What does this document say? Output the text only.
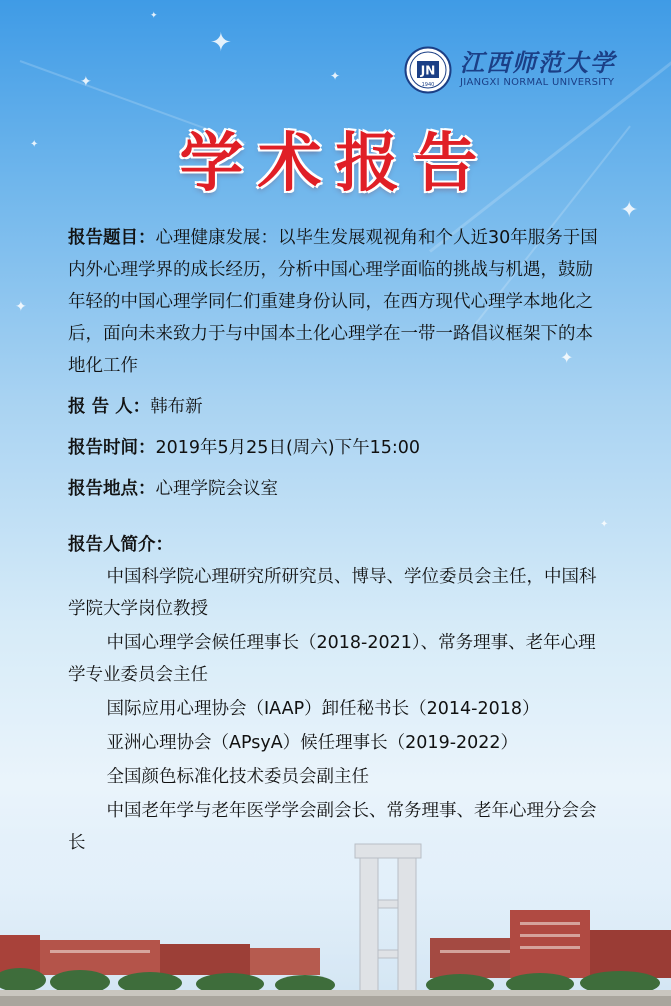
✦
✦	✦
✦
✦
✦
✦
✦
✦
JN
1940
江西师范大学
JIANGXI NORMAL UNIVERSITY
学术报告

报告题目：心理健康发展：以毕生发展观视角和个人近30年服务于国内外心理学界的成长经历，分析中国心理学面临的挑战与机遇，鼓励年轻的中国心理学同仁们重建身份认同，在西方现代心理学本地化之后，面向未来致力于与中国本土化心理学在一带一路倡议框架下的本地化工作

报 告 人：韩布新
报告时间：2019年5月25日(周六)下午15:00
报告地点：心理学院会议室
报告人简介：

中国科学院心理研究所研究员、博导、学位委员会主任，中国科学院大学岗位教授

中国心理学会候任理事长（2018-2021）、常务理事、老年心理学专业委员会主任

国际应用心理协会（IAAP）卸任秘书长（2014-2018）

亚洲心理协会（APsyA）候任理事长（2019-2022）

全国颜色标准化技术委员会副主任

中国老年学与老年医学学会副会长、常务理事、老年心理分会会
